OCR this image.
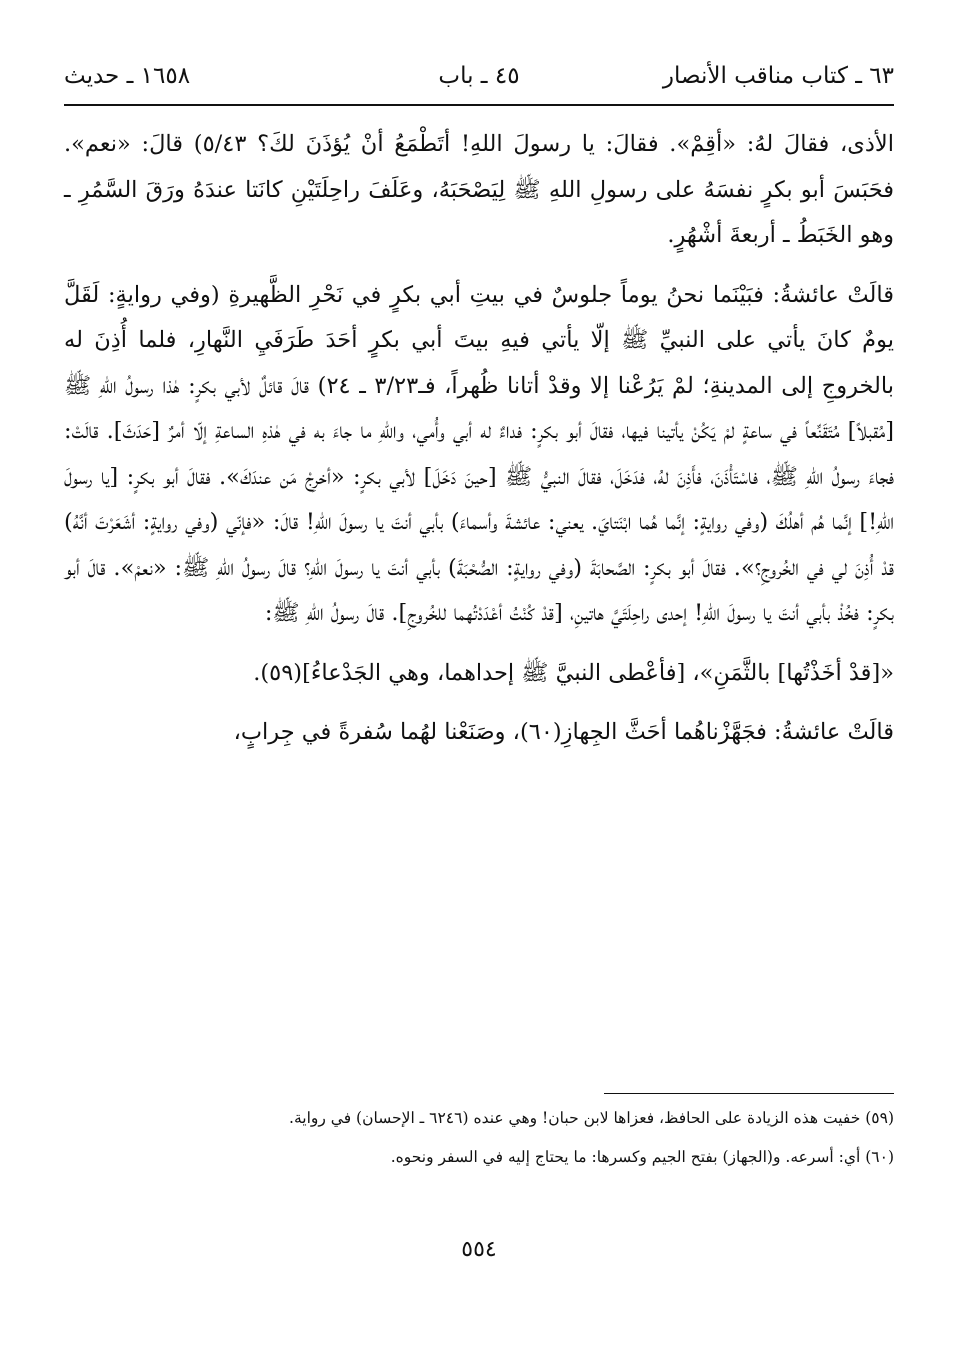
٦٣ ـ كتاب مناقب الأنصار
٤٥ ـ باب
١٦٥٨ ـ حديث

الأذى، فقالَ لهُ: «أقِمْ». فقالَ: يا رسولَ اللهِ! أتَطْمَعُ أنْ يُؤذَنَ لكَ؟ ٥/٤٣) قالَ: «نعم». فحَبَسَ أبو بكرٍ نفسَهُ على رسولِ اللهِ ﷺ لِيَصْحَبَهُ، وعَلَفَ راحِلَتَيْنِ كانَتا عندَهُ ورَقَ السَّمُرِ ـ وهو الخَبَطُ ـ أربعةَ أشْهُرٍ.

قالَتْ عائشةُ: فبَيْنَما نحنُ يوماً جلوسٌ في بيتِ أبي بكرٍ في نَحْرِ الظَّهيرةِ (وفي روايةٍ: لَقَلَّ يومٌ كانَ يأتي على النبيِّ ﷺ إلّا يأتي فيهِ بيتَ أبي بكرٍ أحَدَ طَرَفَيِ النَّهارِ، فلما أُذِنَ له بالخروجِ إلى المدينةِ؛ لمْ يَرُعْنا إلا وقدْ أتانا ظُهراً، فـ٣/٢٣ ـ ٢٤) قالَ قائلٌ لأبي بكرٍ: هٰذا رسولُ اللهِ ﷺ [مُقبلاً] مُتَقَنِّعاً في ساعةٍ لمْ يَكُنْ يأتينا فيها، فقالَ أبو بكرٍ: فداءٌ له أبي وأُمي، واللهِ ما جاءَ به في هٰذهِ الساعةِ إلّا أمرٌ [حَدَثَ]. قالَتْ: فجاءَ رسولُ اللهِ ﷺ، فاسْتَأْذَنَ، فأَذِنَ لهُ، فدَخَلَ، فقالَ النبيُّ ﷺ [حينَ دَخَلَ] لأبي بكرٍ: «أخرِجْ مَن عندَكَ». فقالَ أبو بكرٍ: [يا رسولَ اللهِ!] إنَّما هُم أهلُكَ (وفي روايةٍ: إنَّما هُما ابْنَتايَ. يعني: عائشةَ وأسماءَ) بأبي أنتَ يا رسولَ اللهِ! قالَ: «فإنّي (وفي روايةٍ: أشَعَرْتَ أنَّهُ) قدْ أُذِنَ لي في الخُروجِ؟». فقالَ أبو بكرٍ: الصَّحابَةَ (وفي روايةٍ: الصُّحْبَةَ) بأبي أنتَ يا رسولَ اللهِ؟ قالَ رسولُ اللهِ ﷺ: «نعمْ». قالَ أبو بكرٍ: فخُذْ بأبي أنتَ يا رسولَ اللهِ! إحدى راحِلَتَيَّ هاتينِ، [قدْ كُنْتُ أعْدَدْتُهما للخُروجِ]. قالَ رسولُ اللهِ ﷺ:

«[قدْ أخَذْتُها] بالثَّمَنِ»، [فأعْطى النبيَّ ﷺ إحداهما، وهي الجَدْعاءُ](٥٩).

قالَتْ عائشةُ: فجَهَّزْناهُما أحَثَّ الجِهازِ(٦٠)، وصَنَعْنا لهُما سُفرةً في جِرابٍ،

(٥٩) خفيت هذه الزيادة على الحافظ، فعزاها لابن حبان! وهي عنده (٦٢٤٦ ـ الإحسان) في رواية.

(٦٠) أي: أسرعه. و(الجهاز) بفتح الجيم وكسرها: ما يحتاج إليه في السفر ونحوه.

٥٥٤
